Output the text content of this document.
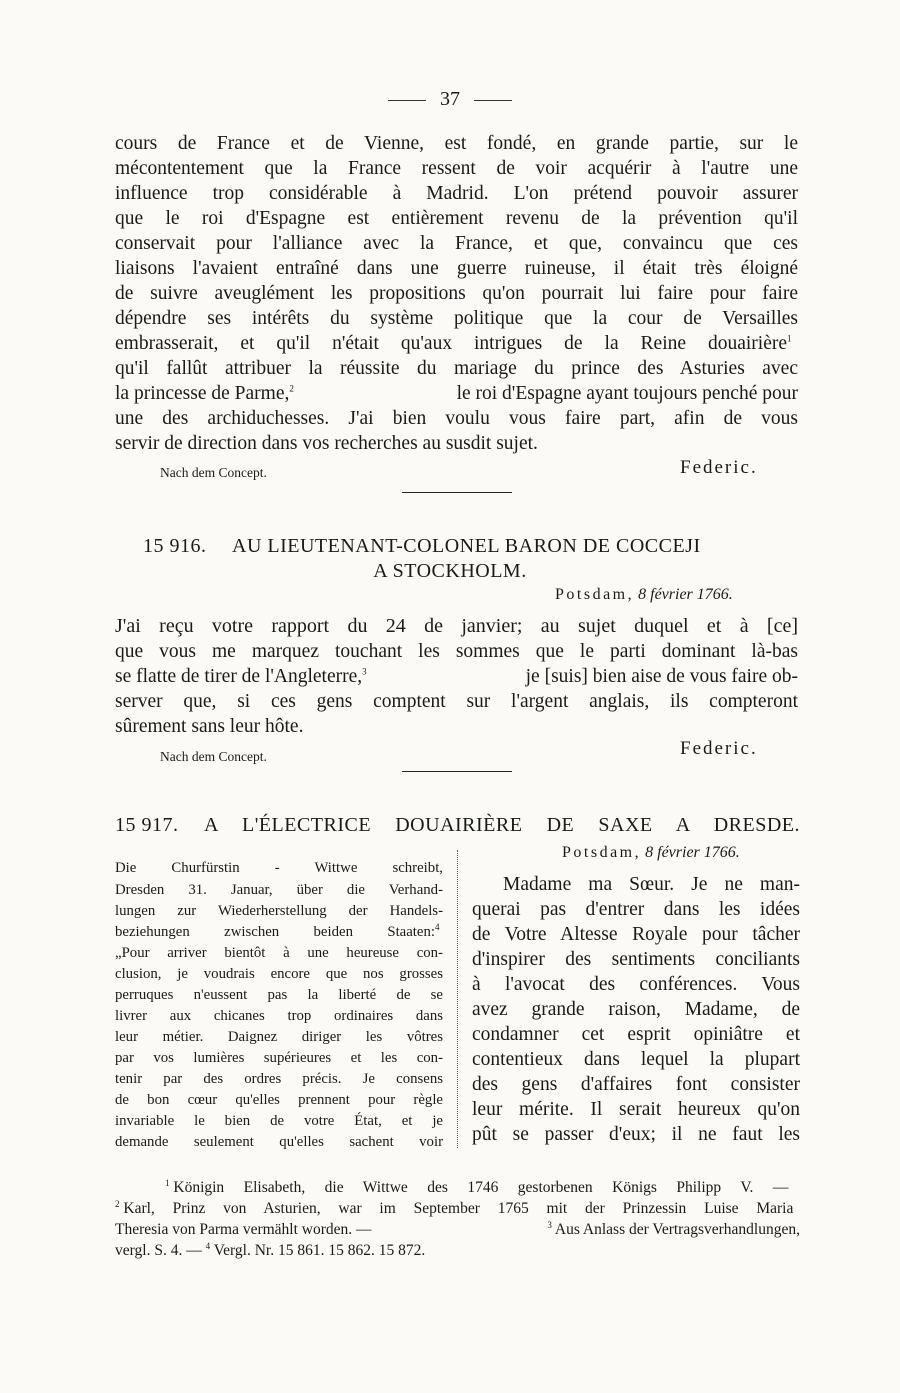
37
cours de France et de Vienne, est fondé, en grande partie, sur le
mécontentement que la France ressent de voir acquérir à l'autre une
influence trop considérable à Madrid. L'on prétend pouvoir assurer
que le roi d'Espagne est entièrement revenu de la prévention qu'il
conservait pour l'alliance avec la France, et que, convaincu que ces
liaisons l'avaient entraîné dans une guerre ruineuse, il était très éloigné
de suivre aveuglément les propositions qu'on pourrait lui faire pour faire
dépendre ses intérêts du système politique que la cour de Versailles
embrasserait, et qu'il n'était qu'aux intrigues de la Reine douairière$^1$
qu'il fallût attribuer la réussite du mariage du prince des Asturies avec
la princesse de Parme,$^2$	le roi d'Espagne ayant toujours penché pour
une des archiduchesses. J'ai bien voulu vous faire part, afin de vous
servir de direction dans vos recherches au susdit sujet.
Nach dem Concept.	Federic.
15 916. AU LIEUTENANT-COLONEL BARON DE COCCEJI
A STOCKHOLM.
Potsdam, 8 février 1766.
J'ai reçu votre rapport du 24 de janvier; au sujet duquel et à [ce]
que vous me marquez touchant les sommes que le parti dominant là-bas
se flatte de tirer de l'Angleterre,$^3$	je [suis] bien aise de vous faire ob-
server que, si ces gens comptent sur l'argent anglais, ils compteront
sûrement sans leur hôte.
Nach dem Concept.	Federic.
15 917. A L'ÉLECTRICE DOUAIRIÈRE DE SAXE A DRESDE.
Potsdam, 8 février 1766.
Die Churfürstin - Wittwe schreibt,
Dresden 31. Januar, über die Verhand-
lungen zur Wiederherstellung der Handels-
beziehungen zwischen beiden Staaten:$^4$
„Pour arriver bientôt à une heureuse con-
clusion, je voudrais encore que nos grosses
perruques n'eussent pas la liberté de se
livrer aux chicanes trop ordinaires dans
leur métier. Daignez diriger les vôtres
par vos lumières supérieures et les con-
tenir par des ordres précis. Je consens
de bon cœur qu'elles prennent pour règle
invariable le bien de votre État, et je
demande seulement qu'elles sachent voir
Madame ma Sœur. Je ne man-
querai pas d'entrer dans les idées
de Votre Altesse Royale pour tâcher
d'inspirer des sentiments conciliants
à l'avocat des conférences. Vous
avez grande raison, Madame, de
condamner cet esprit opiniâtre et
contentieux dans lequel la plupart
des gens d'affaires font consister
leur mérite. Il serait heureux qu'on
pût se passer d'eux; il ne faut les
$^1$ Königin Elisabeth, die Wittwe des 1746 gestorbenen Königs Philipp V. —
$^2$ Karl, Prinz von Asturien, war im September 1765 mit der Prinzessin Luise Maria
Theresia von Parma vermählt worden. —	$^3$ Aus Anlass der Vertragsverhandlungen,
vergl. S. 4. — $^4$ Vergl. Nr. 15 861. 15 862. 15 872.
